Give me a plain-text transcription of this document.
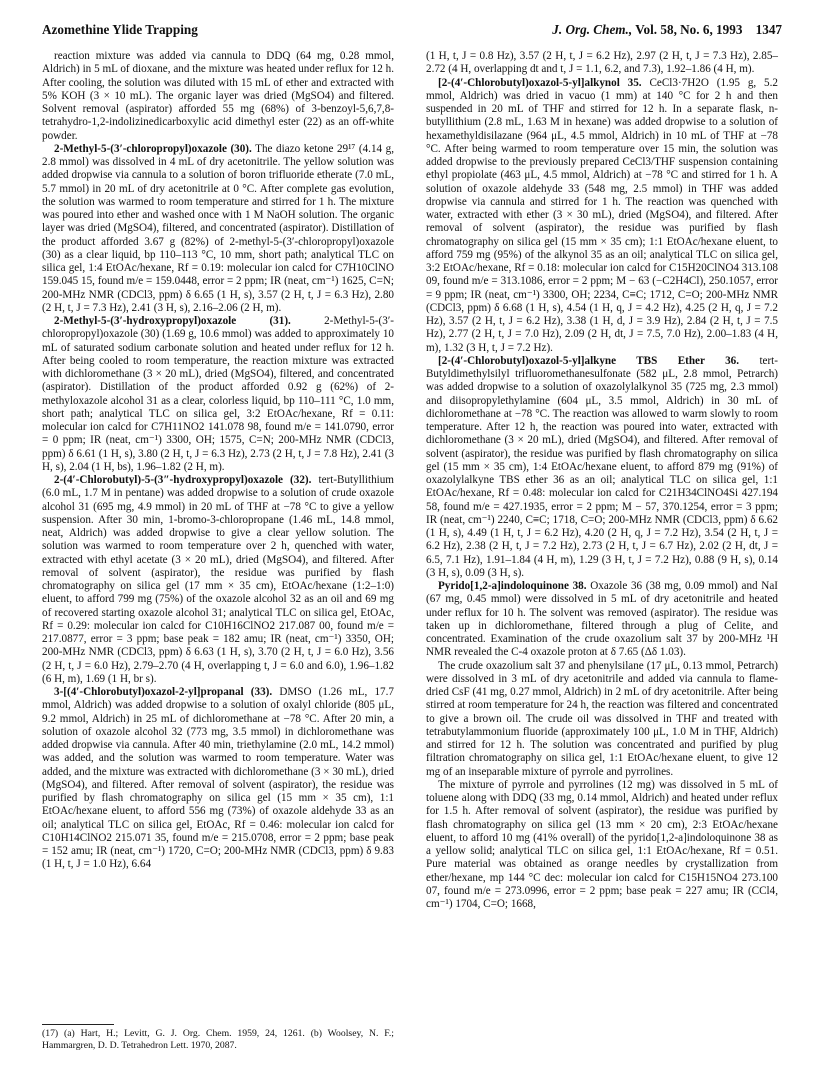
Azomethine Ylide Trapping	J. Org. Chem., Vol. 58, No. 6, 1993 1347

reaction mixture was added via cannula to DDQ (64 mg, 0.28 mmol, Aldrich) in 5 mL of dioxane, and the mixture was heated under reflux for 12 h. After cooling, the solution was diluted with 15 mL of ether and extracted with 5% KOH (3 × 10 mL). The organic layer was dried (MgSO4) and filtered. Solvent removal (aspirator) afforded 55 mg (68%) of 3-benzoyl-5,6,7,8-tetrahydro-1,2-indolizinedicarboxylic acid dimethyl ester (22) as an off-white powder.

2-Methyl-5-(3′-chloropropyl)oxazole (30). The diazo ketone 29¹⁷ (4.14 g, 2.8 mmol) was dissolved in 4 mL of dry acetonitrile. The yellow solution was added dropwise via cannula to a solution of boron trifluoride etherate (7.0 mL, 5.7 mmol) in 20 mL of dry acetonitrile at 0 °C. After complete gas evolution, the solution was warmed to room temperature and stirred for 1 h. The mixture was poured into ether and washed once with 1 M NaOH solution. The organic layer was dried (MgSO4), filtered, and concentrated (aspirator). Distillation of the product afforded 3.67 g (82%) of 2-methyl-5-(3′-chloropropyl)oxazole (30) as a clear liquid, bp 110–113 °C, 10 mm, short path; analytical TLC on silica gel, 1:4 EtOAc/hexane, Rf = 0.19: molecular ion calcd for C7H10ClNO 159.045 15, found m/e = 159.0448, error = 2 ppm; IR (neat, cm⁻¹) 1625, C=N; 200-MHz NMR (CDCl3, ppm) δ 6.65 (1 H, s), 3.57 (2 H, t, J = 6.3 Hz), 2.80 (2 H, t, J = 7.3 Hz), 2.41 (3 H, s), 2.16–2.06 (2 H, m).

2-Methyl-5-(3′-hydroxypropyl)oxazole (31).	2-Methyl-5-(3′-chloropropyl)oxazole (30) (1.69 g, 10.6 mmol) was added to approximately 10 mL of saturated sodium carbonate solution and heated under reflux for 12 h. After being cooled to room temperature, the reaction mixture was extracted with dichloromethane (3 × 20 mL), dried (MgSO4), filtered, and concentrated (aspirator). Distillation of the product afforded 0.92 g (62%) of 2-methyloxazole alcohol 31 as a clear, colorless liquid, bp 110–111 °C, 1.0 mm, short path; analytical TLC on silica gel, 3:2 EtOAc/hexane, Rf = 0.11: molecular ion calcd for C7H11NO2 141.078 98, found m/e = 141.0790, error = 0 ppm; IR (neat, cm⁻¹) 3300, OH; 1575, C=N; 200-MHz NMR (CDCl3, ppm) δ 6.61 (1 H, s), 3.80 (2 H, t, J = 6.3 Hz), 2.73 (2 H, t, J = 7.8 Hz), 2.41 (3 H, s), 2.04 (1 H, bs), 1.96–1.82 (2 H, m).

2-(4′-Chlorobutyl)-5-(3″-hydroxypropyl)oxazole (32). tert-Butyllithium (6.0 mL, 1.7 M in pentane) was added dropwise to a solution of crude oxazole alcohol 31 (695 mg, 4.9 mmol) in 20 mL of THF at −78 °C to give a yellow suspension. After 30 min, 1-bromo-3-chloropropane (1.46 mL, 14.8 mmol, neat, Aldrich) was added dropwise to give a clear yellow solution. The solution was warmed to room temperature over 2 h, quenched with water, extracted with ethyl acetate (3 × 20 mL), dried (MgSO4), and filtered. After removal of solvent (aspirator), the residue was purified by flash chromatography on silica gel (17 mm × 35 cm), EtOAc/hexane (1:2–1:0) eluent, to afford 799 mg (75%) of the oxazole alcohol 32 as an oil and 69 mg of recovered starting oxazole alcohol 31; analytical TLC on silica gel, EtOAc, Rf = 0.29: molecular ion calcd for C10H16ClNO2 217.087 00, found m/e = 217.0877, error = 3 ppm; base peak = 182 amu; IR (neat, cm⁻¹) 3350, OH; 200-MHz NMR (CDCl3, ppm) δ 6.63 (1 H, s), 3.70 (2 H, t, J = 6.0 Hz), 3.56 (2 H, t, J = 6.0 Hz), 2.79–2.70 (4 H, overlapping t, J = 6.0 and 6.0), 1.96–1.82 (6 H, m), 1.69 (1 H, br s).

3-[(4′-Chlorobutyl)oxazol-2-yl]propanal (33). DMSO (1.26 mL, 17.7 mmol, Aldrich) was added dropwise to a solution of oxalyl chloride (805 μL, 9.2 mmol, Aldrich) in 25 mL of dichloromethane at −78 °C. After 20 min, a solution of oxazole alcohol 32 (773 mg, 3.5 mmol) in dichloromethane was added dropwise via cannula. After 40 min, triethylamine (2.0 mL, 14.2 mmol) was added, and the solution was warmed to room temperature. Water was added, and the mixture was extracted with dichloromethane (3 × 30 mL), dried (MgSO4), and filtered. After removal of solvent (aspirator), the residue was purified by flash chromatography on silica gel (15 mm × 35 cm), 1:1 EtOAc/hexane eluent, to afford 556 mg (73%) of oxazole aldehyde 33 as an oil; analytical TLC on silica gel, EtOAc, Rf = 0.46: molecular ion calcd for C10H14ClNO2 215.071 35, found m/e = 215.0708, error = 2 ppm; base peak = 152 amu; IR (neat, cm⁻¹) 1720, C=O; 200-MHz NMR (CDCl3, ppm) δ 9.83 (1 H, t, J = 1.0 Hz), 6.64

(1 H, t, J = 0.8 Hz), 3.57 (2 H, t, J = 6.2 Hz), 2.97 (2 H, t, J = 7.3 Hz), 2.85–2.72 (4 H, overlapping dt and t, J = 1.1, 6.2, and 7.3), 1.92–1.86 (4 H, m).

[2-(4′-Chlorobutyl)oxazol-5-yl]alkynol 35. CeCl3·7H2O (1.95 g, 5.2 mmol, Aldrich) was dried in vacuo (1 mm) at 140 °C for 2 h and then suspended in 20 mL of THF and stirred for 12 h. In a separate flask, n-butyllithium (2.8 mL, 1.63 M in hexane) was added dropwise to a solution of hexamethyldisilazane (964 μL, 4.5 mmol, Aldrich) in 10 mL of THF at −78 °C. After being warmed to room temperature over 15 min, the solution was added dropwise to the previously prepared CeCl3/THF suspension containing ethyl propiolate (463 μL, 4.5 mmol, Aldrich) at −78 °C and stirred for 1 h. A solution of oxazole aldehyde 33 (548 mg, 2.5 mmol) in THF was added dropwise via cannula and stirred for 1 h. The reaction was quenched with water, extracted with ether (3 × 30 mL), dried (MgSO4), and filtered. After removal of solvent (aspirator), the residue was purified by flash chromatography on silica gel (15 mm × 35 cm); 1:1 EtOAc/hexane eluent, to afford 759 mg (95%) of the alkynol 35 as an oil; analytical TLC on silica gel, 3:2 EtOAc/hexane, Rf = 0.18: molecular ion calcd for C15H20ClNO4 313.108 09, found m/e = 313.1086, error = 2 ppm; M − 63 (−C2H4Cl), 250.1057, error = 9 ppm; IR (neat, cm⁻¹) 3300, OH; 2234, C≡C; 1712, C=O; 200-MHz NMR (CDCl3, ppm) δ 6.68 (1 H, s), 4.54 (1 H, q, J = 4.2 Hz), 4.25 (2 H, q, J = 7.2 Hz), 3.57 (2 H, t, J = 6.2 Hz), 3.38 (1 H, d, J = 3.9 Hz), 2.84 (2 H, t, J = 7.5 Hz), 2.77 (2 H, t, J = 7.0 Hz), 2.09 (2 H, dt, J = 7.5, 7.0 Hz), 2.00–1.83 (4 H, m), 1.32 (3 H, t, J = 7.2 Hz).

[2-(4′-Chlorobutyl)oxazol-5-yl]alkyne TBS Ether 36. tert-Butyldimethylsilyl trifluoromethanesulfonate (582 μL, 2.8 mmol, Petrarch) was added dropwise to a solution of oxazolylalkynol 35 (725 mg, 2.3 mmol) and diisopropylethylamine (604 μL, 3.5 mmol, Aldrich) in 30 mL of dichloromethane at −78 °C. The reaction was allowed to warm slowly to room temperature. After 12 h, the reaction was poured into water, extracted with dichloromethane (3 × 20 mL), dried (MgSO4), and filtered. After removal of solvent (aspirator), the residue was purified by flash chromatography on silica gel (15 mm × 35 cm), 1:4 EtOAc/hexane eluent, to afford 879 mg (91%) of oxazolylalkyne TBS ether 36 as an oil; analytical TLC on silica gel, 1:1 EtOAc/hexane, Rf = 0.48: molecular ion calcd for C21H34ClNO4Si 427.194 58, found m/e = 427.1935, error = 2 ppm; M − 57, 370.1254, error = 3 ppm; IR (neat, cm⁻¹) 2240, C≡C; 1718, C=O; 200-MHz NMR (CDCl3, ppm) δ 6.62 (1 H, s), 4.49 (1 H, t, J = 6.2 Hz), 4.20 (2 H, q, J = 7.2 Hz), 3.54 (2 H, t, J = 6.2 Hz), 2.38 (2 H, t, J = 7.2 Hz), 2.73 (2 H, t, J = 6.7 Hz), 2.02 (2 H, dt, J = 6.5, 7.1 Hz), 1.91–1.84 (4 H, m), 1.29 (3 H, t, J = 7.2 Hz), 0.88 (9 H, s), 0.14 (3 H, s), 0.09 (3 H, s).

Pyrido[1,2-a]indoloquinone 38. Oxazole 36 (38 mg, 0.09 mmol) and NaI (67 mg, 0.45 mmol) were dissolved in 5 mL of dry acetonitrile and heated under reflux for 10 h. The solvent was removed (aspirator). The residue was taken up in dichloromethane, filtered through a plug of Celite, and concentrated. Examination of the crude oxazolium salt 37 by 200-MHz ¹H NMR revealed the C-4 oxazole proton at δ 7.65 (Δδ 1.03).

The crude oxazolium salt 37 and phenylsilane (17 μL, 0.13 mmol, Petrarch) were dissolved in 3 mL of dry acetonitrile and added via cannula to flame-dried CsF (41 mg, 0.27 mmol, Aldrich) in 2 mL of dry acetonitrile. After being stirred at room temperature for 24 h, the reaction was filtered and concentrated to give a brown oil. The crude oil was dissolved in THF and treated with tetrabutylammonium fluoride (approximately 100 μL, 1.0 M in THF, Aldrich) and stirred for 12 h. The solution was concentrated and purified by plug filtration chromatography on silica gel, 1:1 EtOAc/hexane eluent, to give 12 mg of an inseparable mixture of pyrrole and pyrrolines.

The mixture of pyrrole and pyrrolines (12 mg) was dissolved in 5 mL of toluene along with DDQ (33 mg, 0.14 mmol, Aldrich) and heated under reflux for 1.5 h. After removal of solvent (aspirator), the residue was purified by flash chromatography on silica gel (13 mm × 20 cm), 2:3 EtOAc/hexane eluent, to afford 10 mg (41% overall) of the pyrido[1,2-a]indoloquinone 38 as a yellow solid; analytical TLC on silica gel, 1:1 EtOAc/hexane, Rf = 0.51. Pure material was obtained as orange needles by crystallization from ether/hexane, mp 144 °C dec: molecular ion calcd for C15H15NO4 273.100 07, found m/e = 273.0996, error = 2 ppm; base peak = 227 amu; IR (CCl4, cm⁻¹) 1704, C=O; 1668,

(17) (a) Hart, H.; Levitt, G. J. Org. Chem. 1959, 24, 1261. (b) Woolsey, N. F.; Hammargren, D. D. Tetrahedron Lett. 1970, 2087.
